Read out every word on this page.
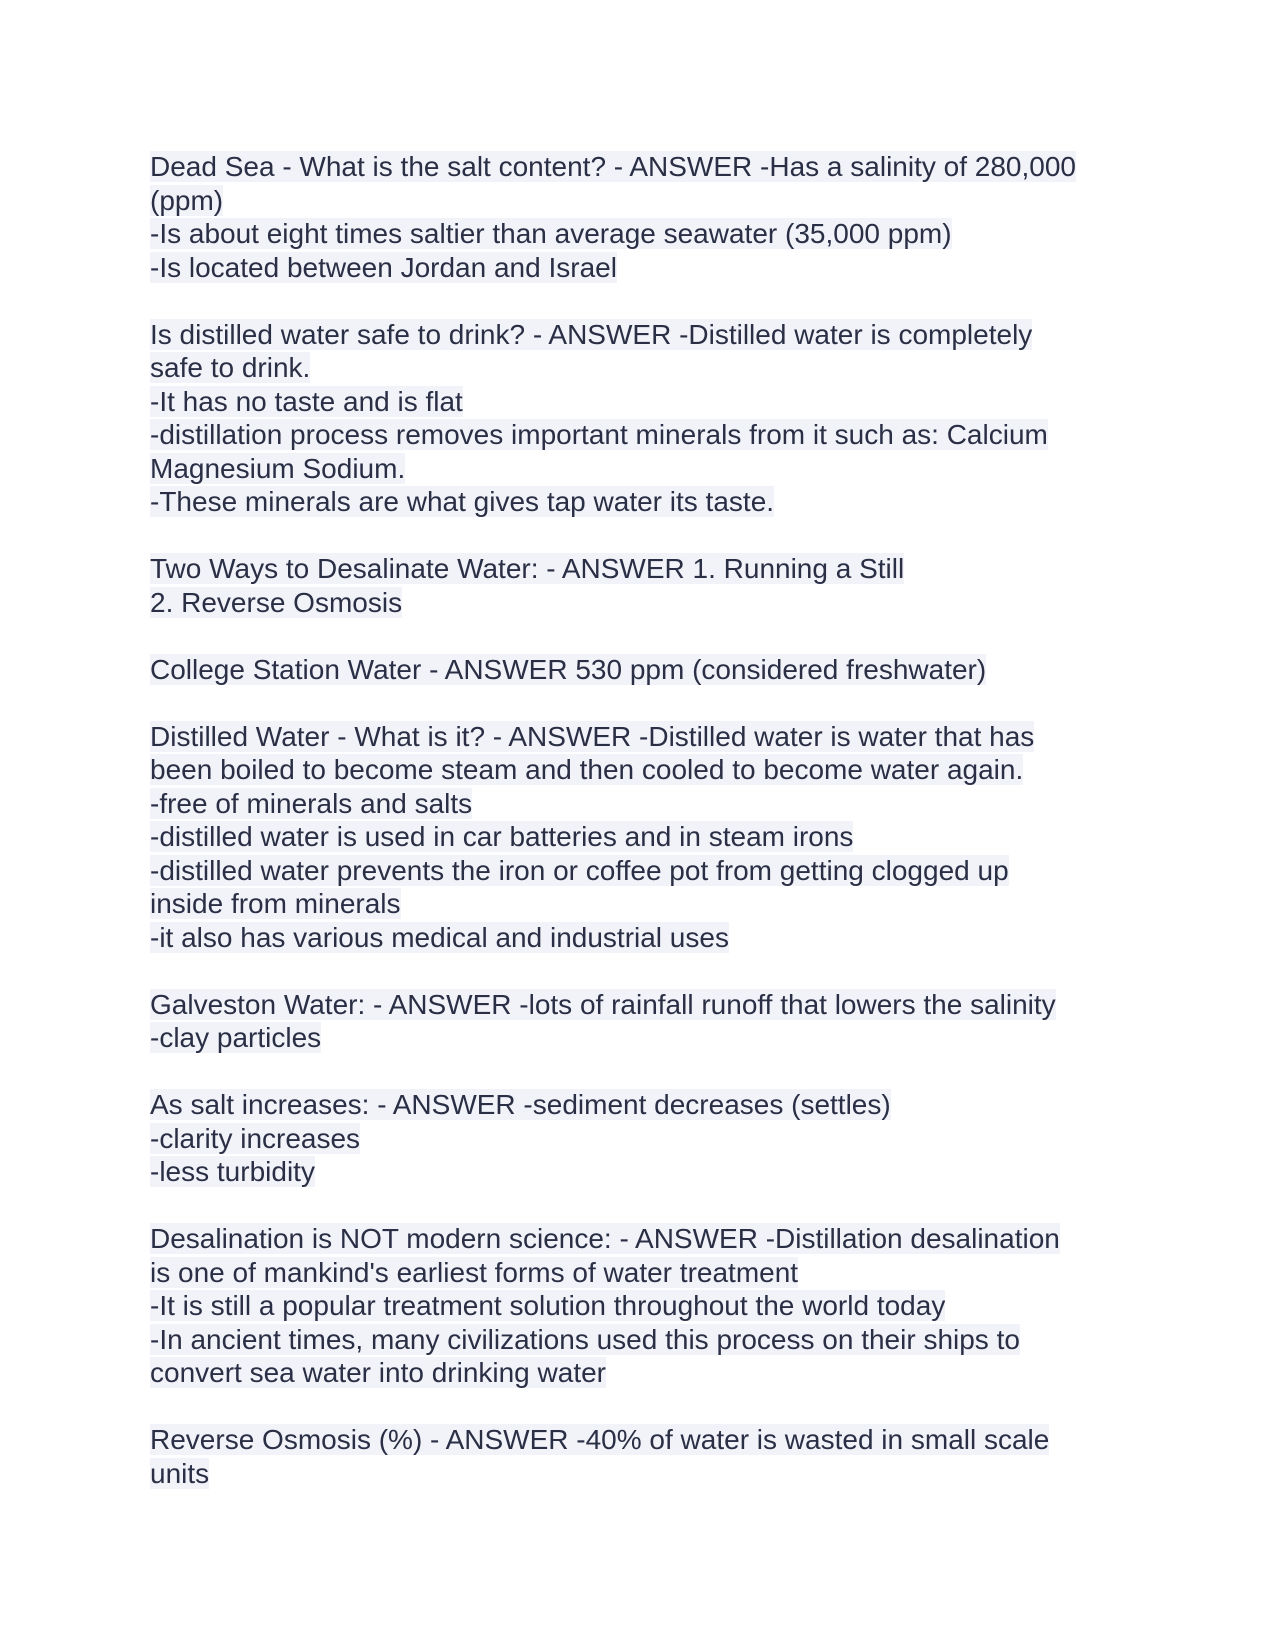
Dead Sea - What is the salt content? - ANSWER -Has a salinity of 280,000
(ppm)
-Is about eight times saltier than average seawater (35,000 ppm)
-Is located between Jordan and Israel
Is distilled water safe to drink? - ANSWER -Distilled water is completely
safe to drink.
-It has no taste and is flat
-distillation process removes important minerals from it such as: Calcium
Magnesium Sodium.
-These minerals are what gives tap water its taste.
Two Ways to Desalinate Water: - ANSWER 1. Running a Still
2. Reverse Osmosis
College Station Water - ANSWER 530 ppm (considered freshwater)
Distilled Water - What is it? - ANSWER -Distilled water is water that has
been boiled to become steam and then cooled to become water again.
-free of minerals and salts
-distilled water is used in car batteries and in steam irons
-distilled water prevents the iron or coffee pot from getting clogged up
inside from minerals
-it also has various medical and industrial uses
Galveston Water: - ANSWER -lots of rainfall runoff that lowers the salinity
-clay particles
As salt increases: - ANSWER -sediment decreases (settles)
-clarity increases
-less turbidity
Desalination is NOT modern science: - ANSWER -Distillation desalination
is one of mankind's earliest forms of water treatment
-It is still a popular treatment solution throughout the world today
-In ancient times, many civilizations used this process on their ships to
convert sea water into drinking water
Reverse Osmosis (%) - ANSWER -40% of water is wasted in small scale
units
